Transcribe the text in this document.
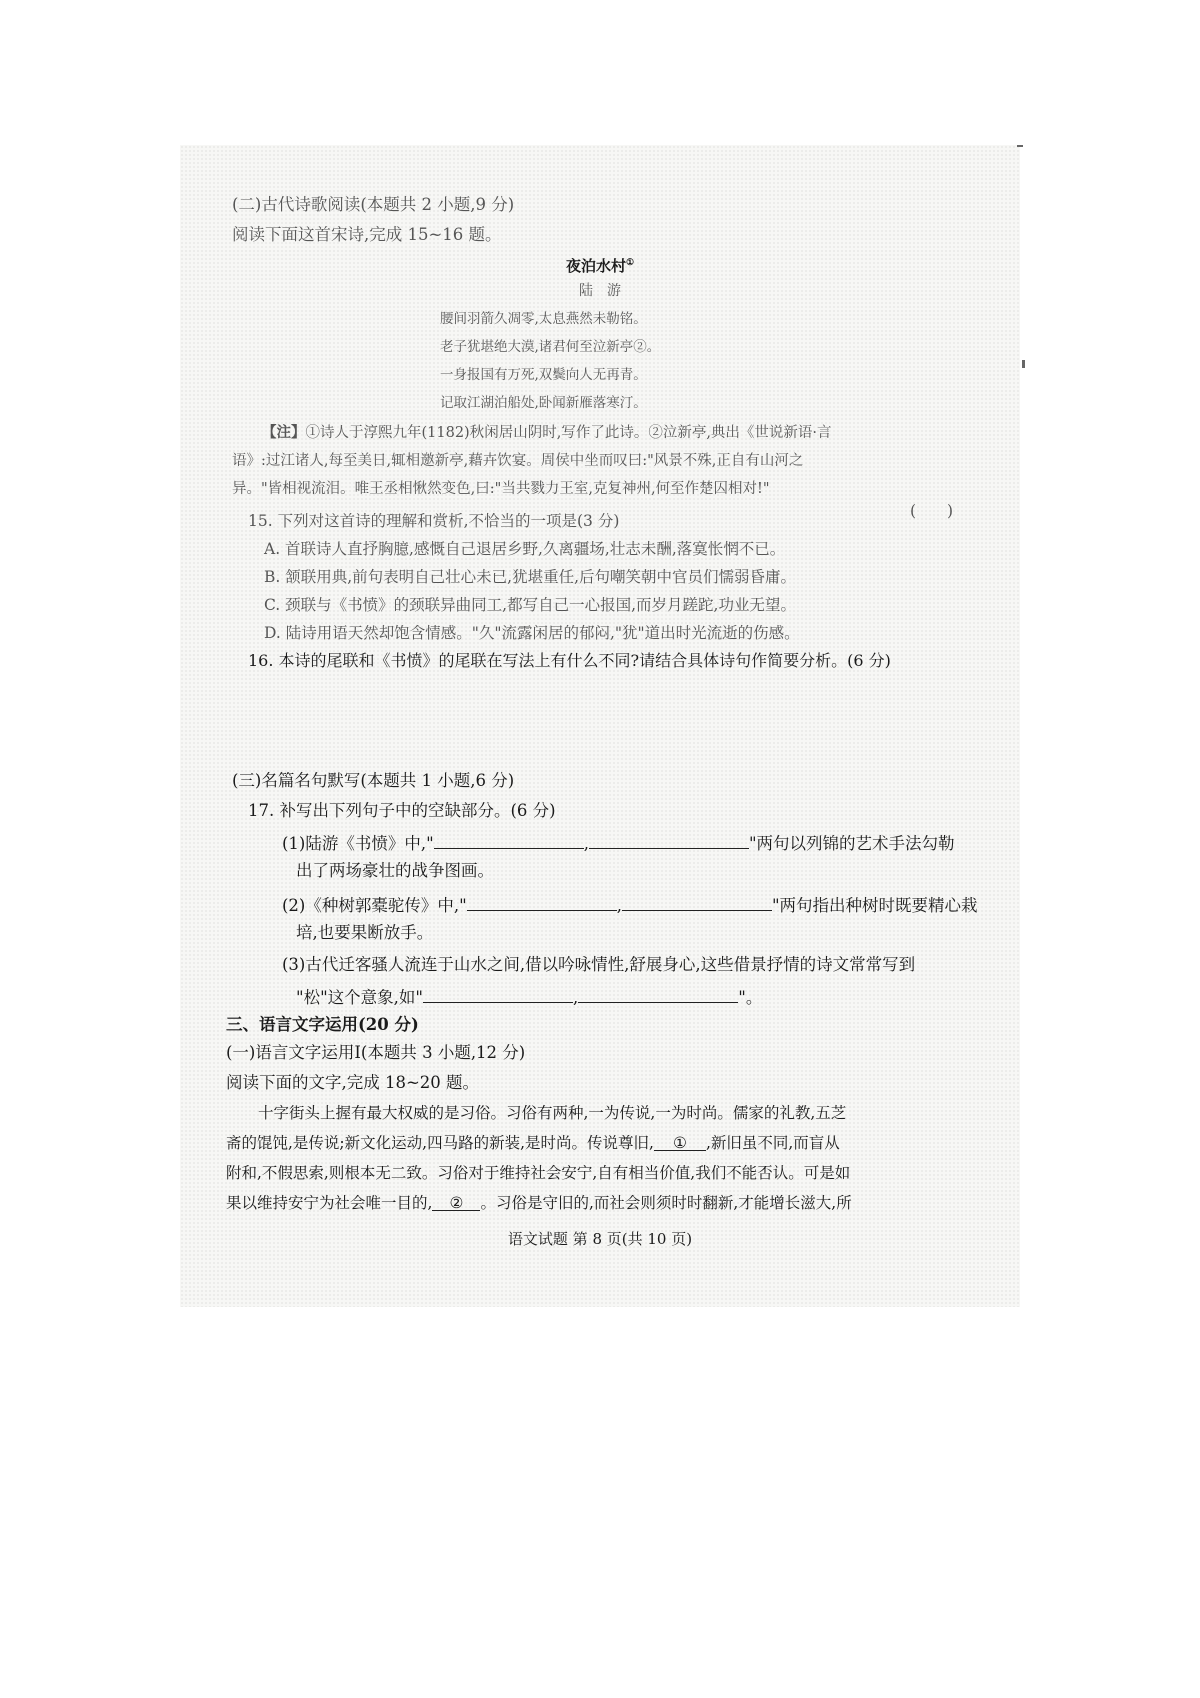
(二)古代诗歌阅读(本题共 2 小题,9 分)
阅读下面这首宋诗,完成 15~16 题。
夜泊水村①
陆　游
腰间羽箭久凋零,太息燕然未勒铭。
老子犹堪绝大漠,诸君何至泣新亭②。
一身报国有万死,双鬓向人无再青。
记取江湖泊船处,卧闻新雁落寒汀。
【注】①诗人于淳熙九年(1182)秋闲居山阴时,写作了此诗。②泣新亭,典出《世说新语·言
语》:过江诸人,每至美日,辄相邀新亭,藉卉饮宴。周侯中坐而叹曰:"风景不殊,正自有山河之
异。"皆相视流泪。唯王丞相愀然变色,曰:"当共戮力王室,克复神州,何至作楚囚相对!"
15. 下列对这首诗的理解和赏析,不恰当的一项是(3 分)
(　　)
A. 首联诗人直抒胸臆,感慨自己退居乡野,久离疆场,壮志未酬,落寞怅惘不已。
B. 颔联用典,前句表明自己壮心未已,犹堪重任,后句嘲笑朝中官员们懦弱昏庸。
C. 颈联与《书愤》的颈联异曲同工,都写自己一心报国,而岁月蹉跎,功业无望。
D. 陆诗用语天然却饱含情感。"久"流露闲居的郁闷,"犹"道出时光流逝的伤感。
16. 本诗的尾联和《书愤》的尾联在写法上有什么不同?请结合具体诗句作简要分析。(6 分)
(三)名篇名句默写(本题共 1 小题,6 分)
17. 补写出下列句子中的空缺部分。(6 分)
(1)陆游《书愤》中,"	,	"两句以列锦的艺术手法勾勒
出了两场豪壮的战争图画。
(2)《种树郭橐驼传》中,"	,	"两句指出种树时既要精心栽
培,也要果断放手。
(3)古代迁客骚人流连于山水之间,借以吟咏情性,舒展身心,这些借景抒情的诗文常常写到
"松"这个意象,如"	,	"。
三、语言文字运用(20 分)
(一)语言文字运用Ⅰ(本题共 3 小题,12 分)
阅读下面的文字,完成 18~20 题。
十字街头上握有最大权威的是习俗。习俗有两种,一为传说,一为时尚。儒家的礼教,五芝
斋的馄饨,是传说;新文化运动,四马路的新装,是时尚。传说尊旧, ① ,新旧虽不同,而盲从
附和,不假思索,则根本无二致。习俗对于维持社会安宁,自有相当价值,我们不能否认。可是如
果以维持安宁为社会唯一目的, ② 。习俗是守旧的,而社会则须时时翻新,才能增长滋大,所
语文试题 第 8 页(共 10 页)
